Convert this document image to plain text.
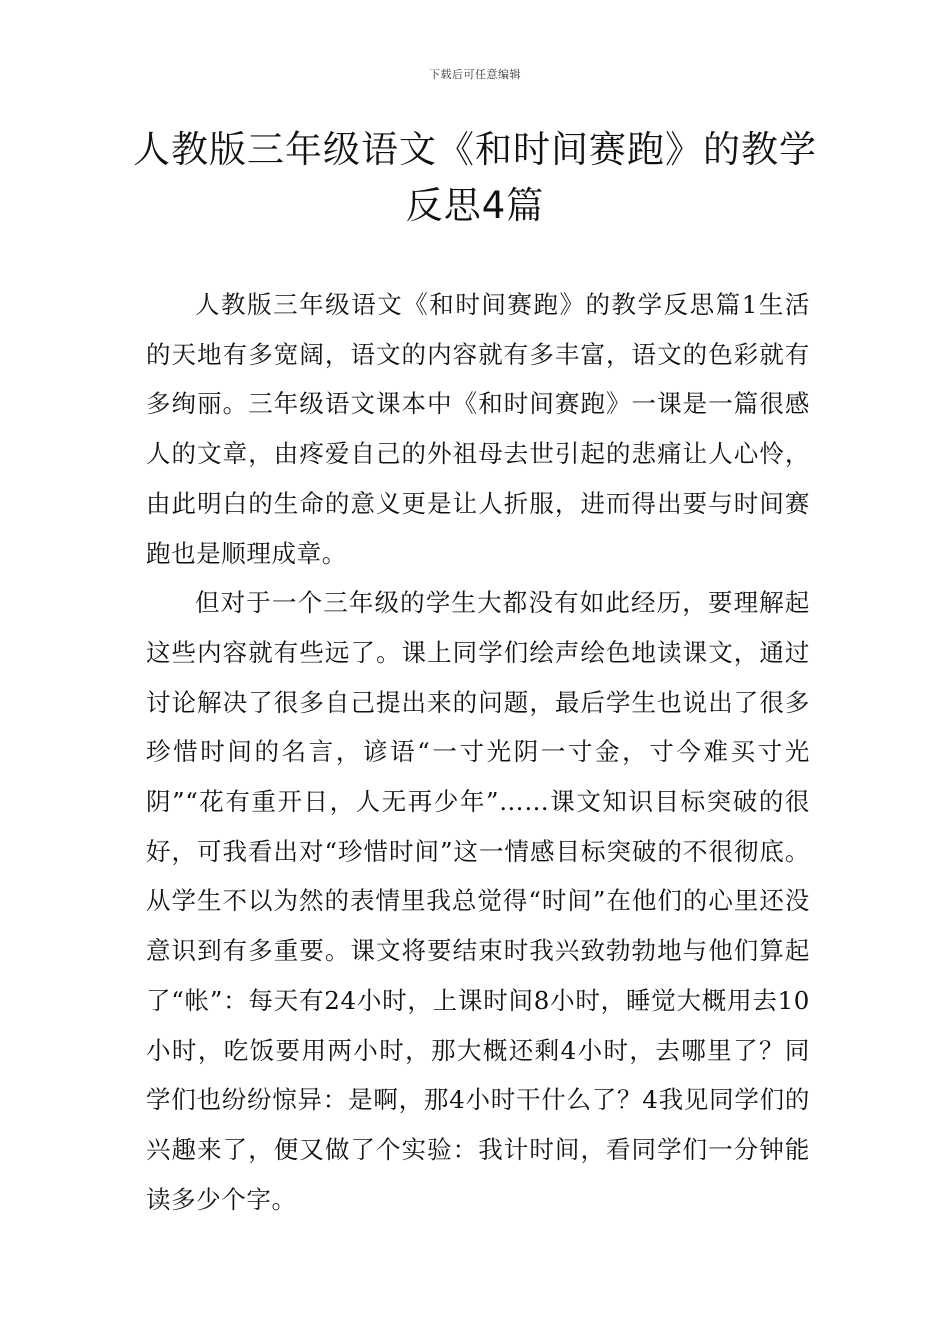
下载后可任意编辑
人教版三年级语文《和时间赛跑》的教学反思4篇

人教版三年级语文《和时间赛跑》的教学反思篇1生活的天地有多宽阔，语文的内容就有多丰富，语文的色彩就有多绚丽。三年级语文课本中《和时间赛跑》一课是一篇很感人的文章，由疼爱自己的外祖母去世引起的悲痛让人心怜，由此明白的生命的意义更是让人折服，进而得出要与时间赛跑也是顺理成章。

但对于一个三年级的学生大都没有如此经历，要理解起这些内容就有些远了。课上同学们绘声绘色地读课文，通过讨论解决了很多自己提出来的问题，最后学生也说出了很多珍惜时间的名言，谚语“一寸光阴一寸金，寸今难买寸光阴”“花有重开日，人无再少年”……课文知识目标突破的很好，可我看出对“珍惜时间”这一情感目标突破的不很彻底。从学生不以为然的表情里我总觉得“时间”在他们的心里还没意识到有多重要。课文将要结束时我兴致勃勃地与他们算起了“帐”：每天有24小时，上课时间8小时，睡觉大概用去10小时，吃饭要用两小时，那大概还剩4小时，去哪里了？同学们也纷纷惊异：是啊，那4小时干什么了？4我见同学们的兴趣来了，便又做了个实验：我计时间，看同学们一分钟能读多少个字。
